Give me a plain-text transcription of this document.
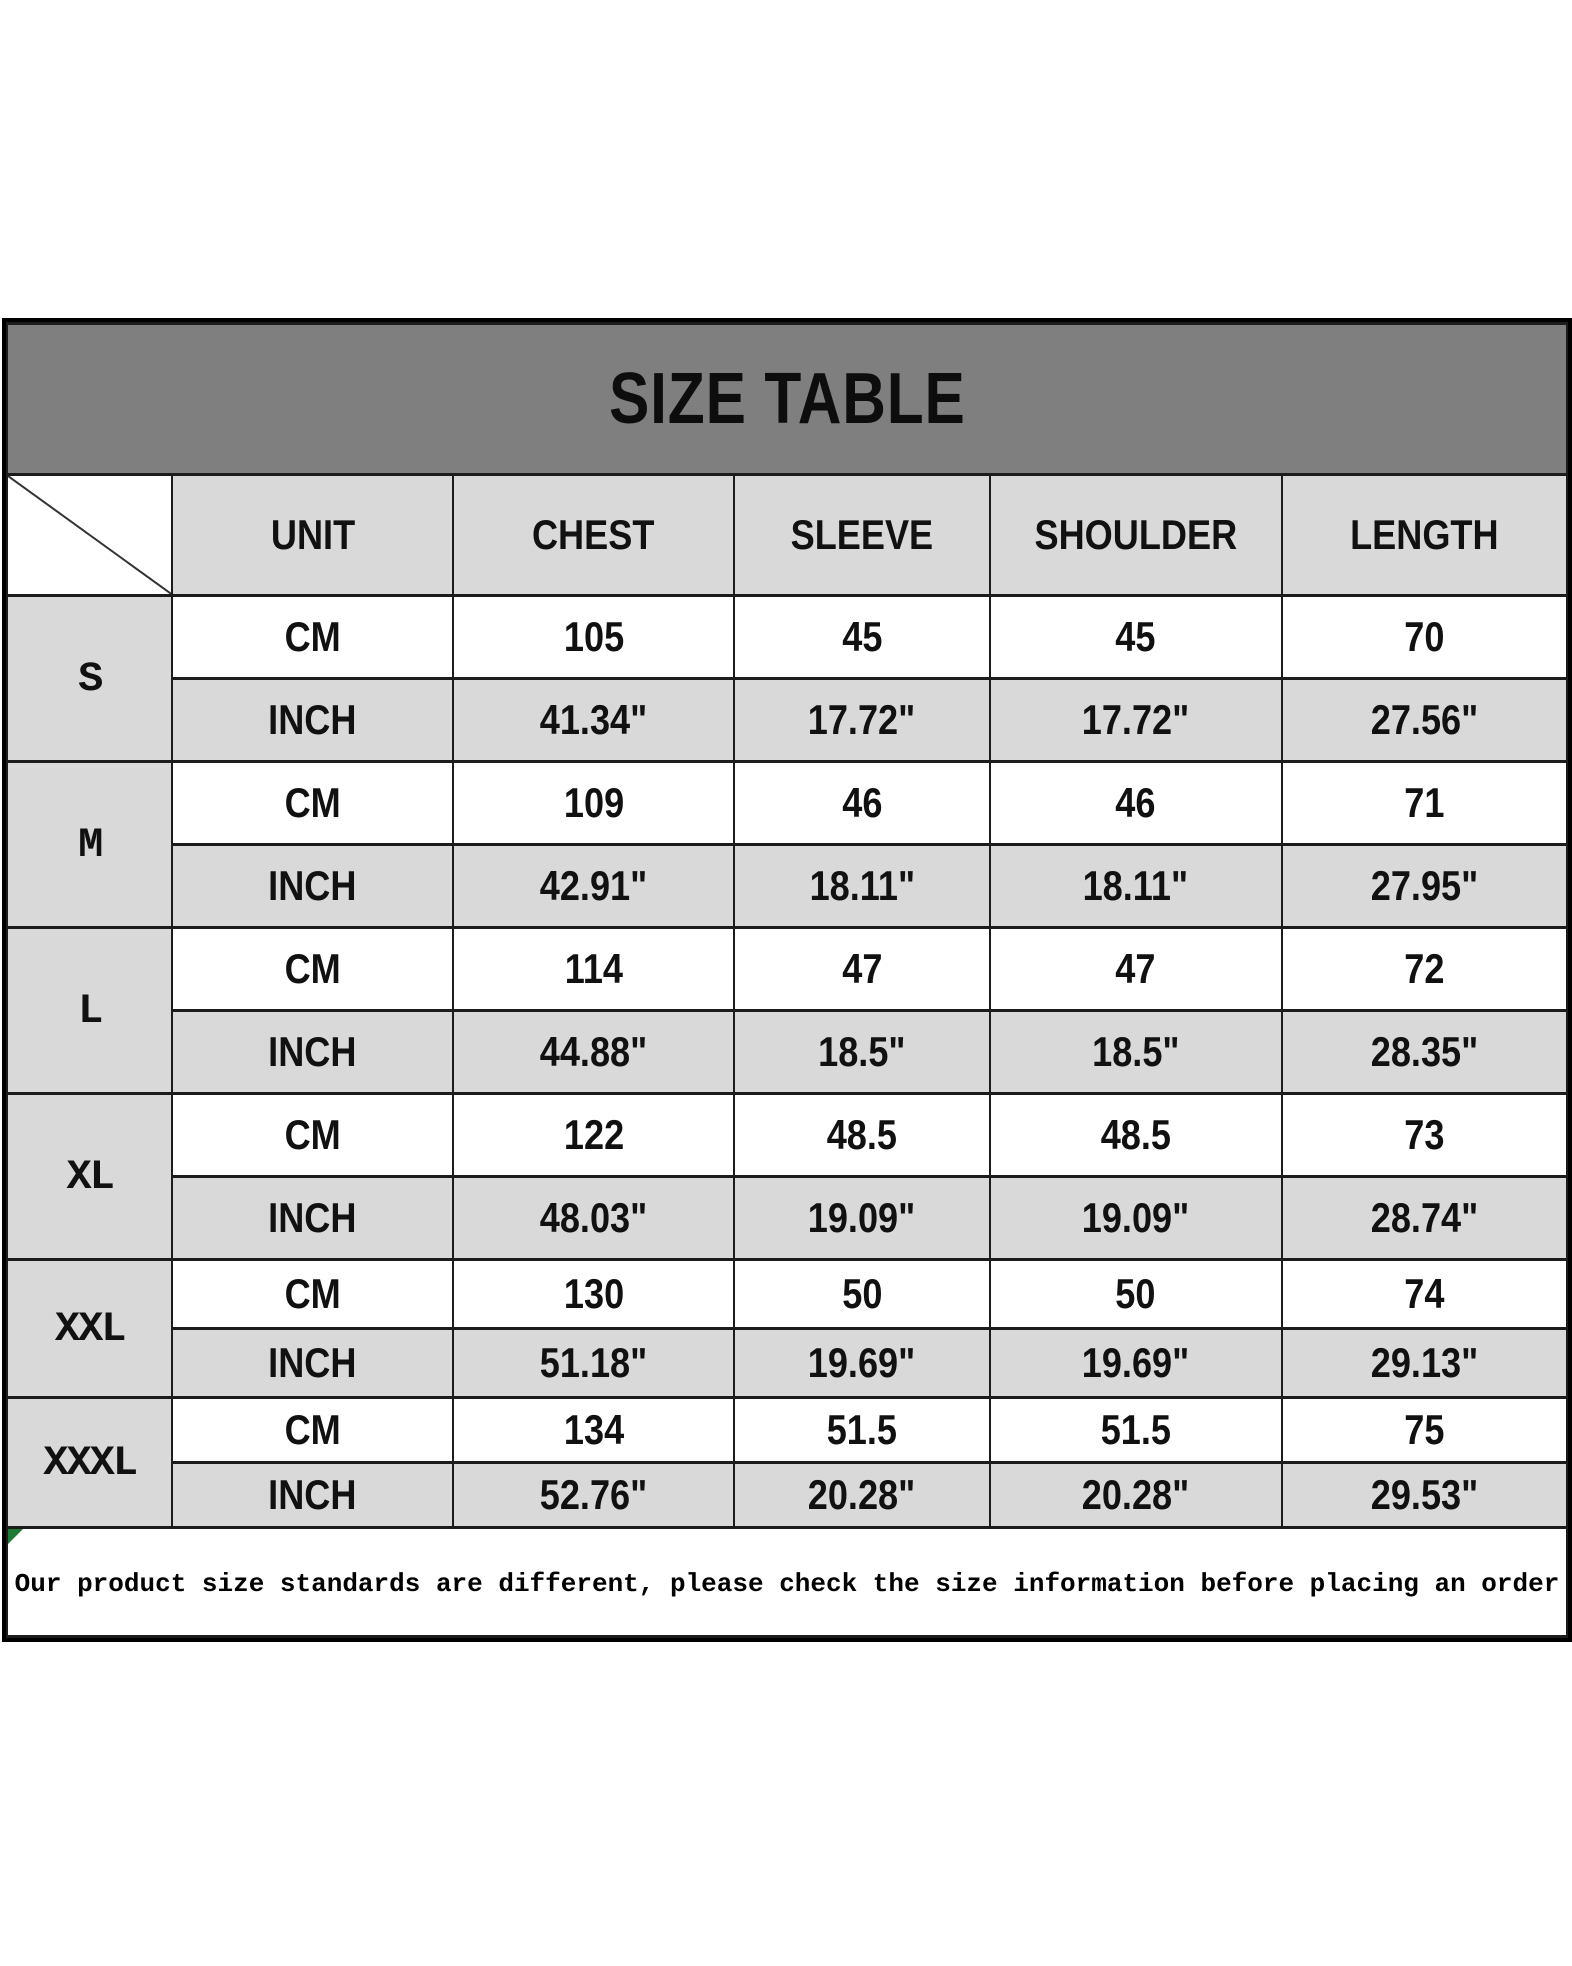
SIZE TABLE					

	UNIT	CHEST	SLEEVE	SHOULDER	LENGTH
S	CM	105	45	45	70
	INCH	41.34"	17.72"	17.72"	27.56"
M	CM	109	46	46	71
	INCH	42.91"	18.11"	18.11"	27.95"
L	CM	114	47	47	72
	INCH	44.88"	18.5"	18.5"	28.35"
XL	CM	122	48.5	48.5	73
	INCH	48.03"	19.09"	19.09"	28.74"
XXL	CM	130	50	50	74
	INCH	51.18"	19.69"	19.69"	29.13"
XXXL	CM	134	51.5	51.5	75
	INCH	52.76"	20.28"	20.28"	29.53"

Our product size standards are different, please check the size information before placing an order					
